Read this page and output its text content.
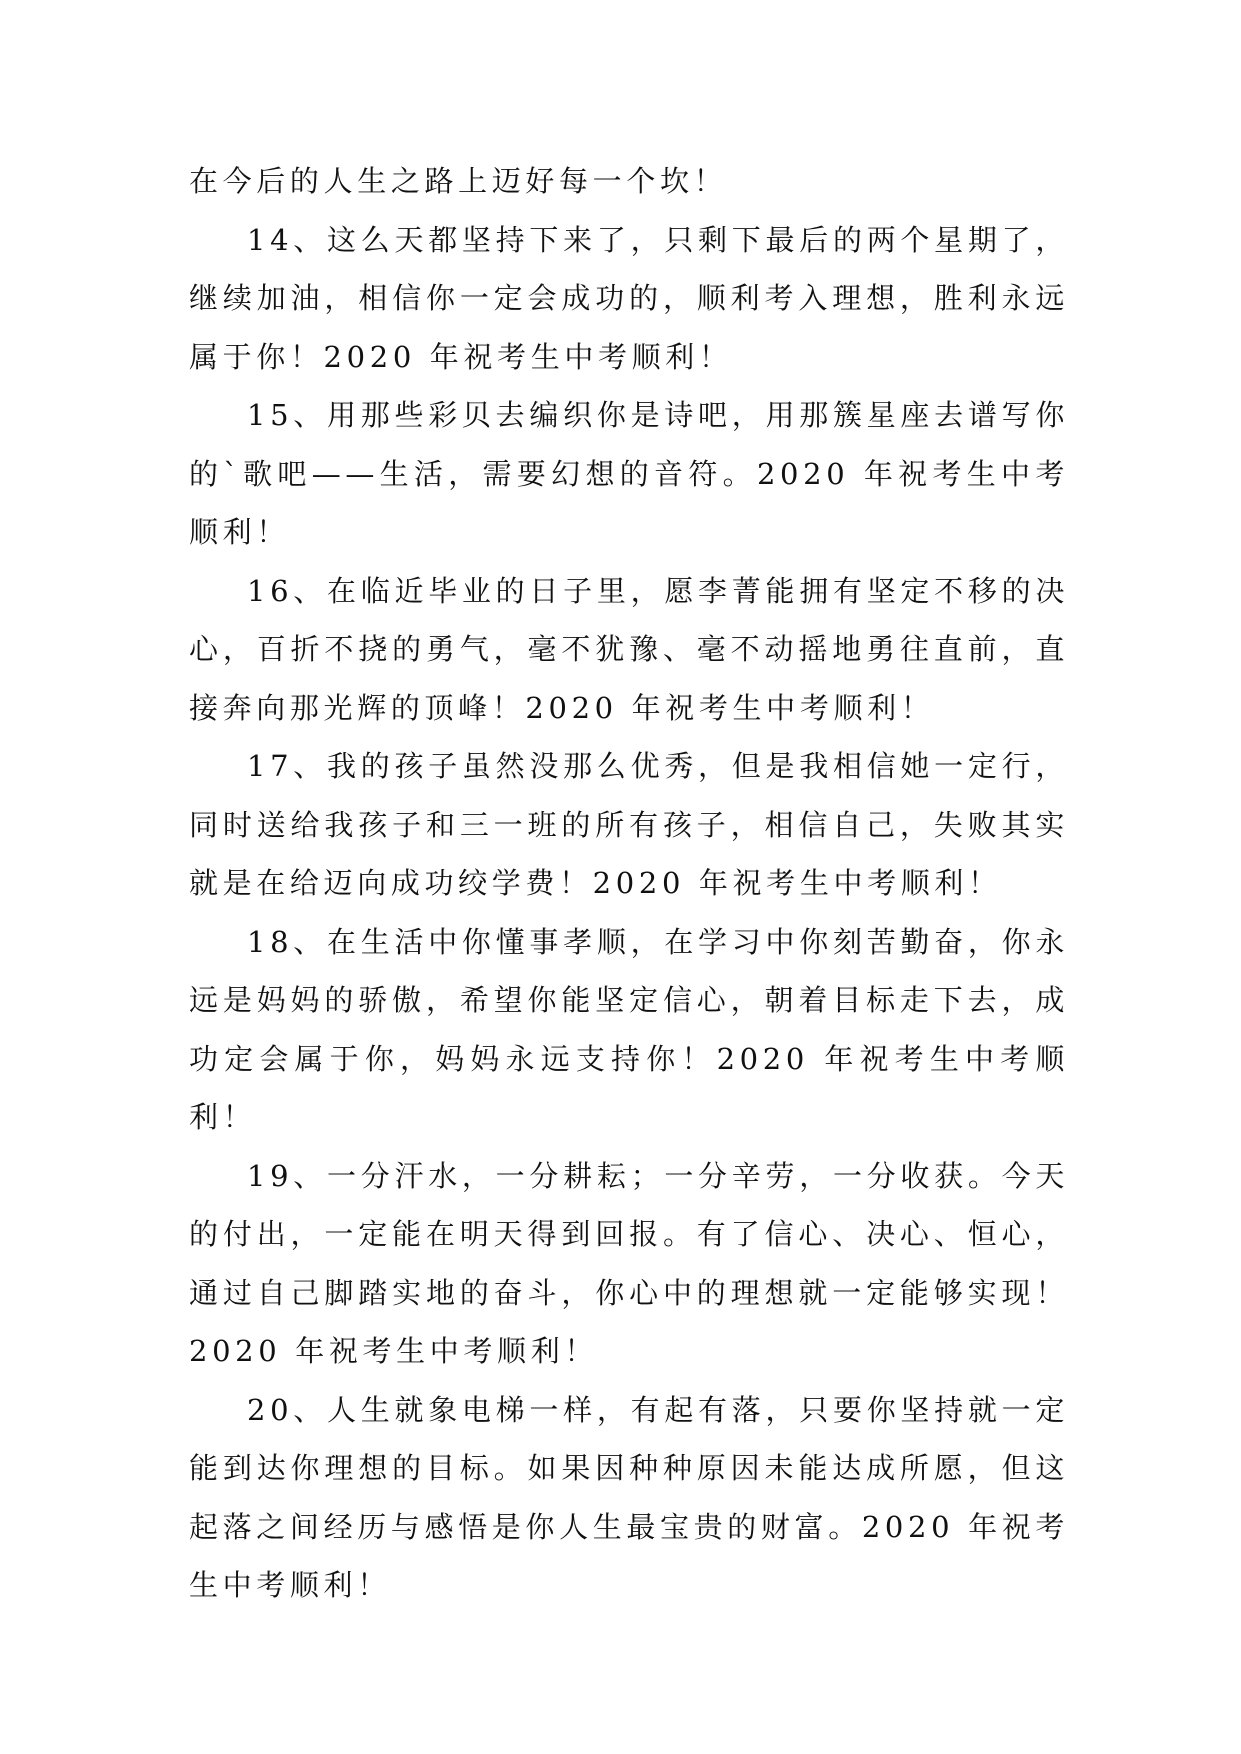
在今后的人生之路上迈好每一个坎！

14、这么天都坚持下来了，只剩下最后的两个星期了，继续加油，相信你一定会成功的，顺利考入理想，胜利永远属于你！2020 年祝考生中考顺利！

15、用那些彩贝去编织你是诗吧，用那簇星座去谱写你的`歌吧——生活，需要幻想的音符。2020 年祝考生中考顺利！

16、在临近毕业的日子里，愿李菁能拥有坚定不移的决心，百折不挠的勇气，毫不犹豫、毫不动摇地勇往直前，直接奔向那光辉的顶峰！2020 年祝考生中考顺利！

17、我的孩子虽然没那么优秀，但是我相信她一定行，同时送给我孩子和三一班的所有孩子，相信自己，失败其实就是在给迈向成功绞学费！2020 年祝考生中考顺利！

18、在生活中你懂事孝顺，在学习中你刻苦勤奋，你永远是妈妈的骄傲，希望你能坚定信心，朝着目标走下去，成功定会属于你，妈妈永远支持你！2020 年祝考生中考顺利！

19、一分汗水，一分耕耘；一分辛劳，一分收获。今天的付出，一定能在明天得到回报。有了信心、决心、恒心，通过自己脚踏实地的奋斗，你心中的理想就一定能够实现！2020 年祝考生中考顺利！

20、人生就象电梯一样，有起有落，只要你坚持就一定能到达你理想的目标。如果因种种原因未能达成所愿，但这起落之间经历与感悟是你人生最宝贵的财富。2020 年祝考生中考顺利！
